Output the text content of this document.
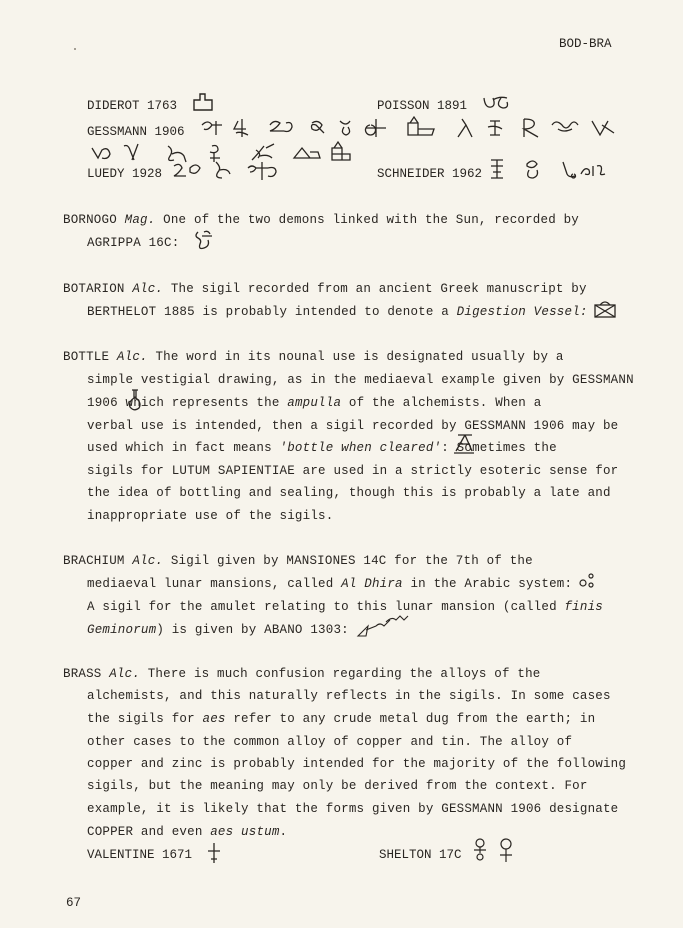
BOD-BRA
DIDEROT 1763	POISSON 1891
GESSMANN 1906
LUEDY 1928	SCHNEIDER 1962
BORNOGO Mag. One of the two demons linked with the Sun, recorded by
AGRIPPA 16C:
BOTARION Alc. The sigil recorded from an ancient Greek manuscript by
BERTHELOT 1885 is probably intended to denote a Digestion Vessel:
BOTTLE Alc. The word in its nounal use is designated usually by a
simple vestigial drawing, as in the mediaeval example given by GESSMANN
1906 which represents the ampulla of the alchemists. When a
verbal use is intended, then a sigil recorded by GESSMANN 1906 may be
used which in fact means 'bottle when cleared': Sometimes the
sigils for LUTUM SAPIENTIAE are used in a strictly esoteric sense for
the idea of bottling and sealing, though this is probably a late and
inappropriate use of the sigils.
BRACHIUM Alc. Sigil given by MANSIONES 14C for the 7th of the
mediaeval lunar mansions, called Al Dhira in the Arabic system:
A sigil for the amulet relating to this lunar mansion (called finis
Geminorum) is given by ABANO 1303:
BRASS Alc. There is much confusion regarding the alloys of the
alchemists, and this naturally reflects in the sigils. In some cases
the sigils for aes refer to any crude metal dug from the earth; in
other cases to the common alloy of copper and tin. The alloy of
copper and zinc is probably intended for the majority of the following
sigils, but the meaning may only be derived from the context. For
example, it is likely that the forms given by GESSMANN 1906 designate
COPPER and even aes ustum.
VALENTINE 1671	SHELTON 17C
67
